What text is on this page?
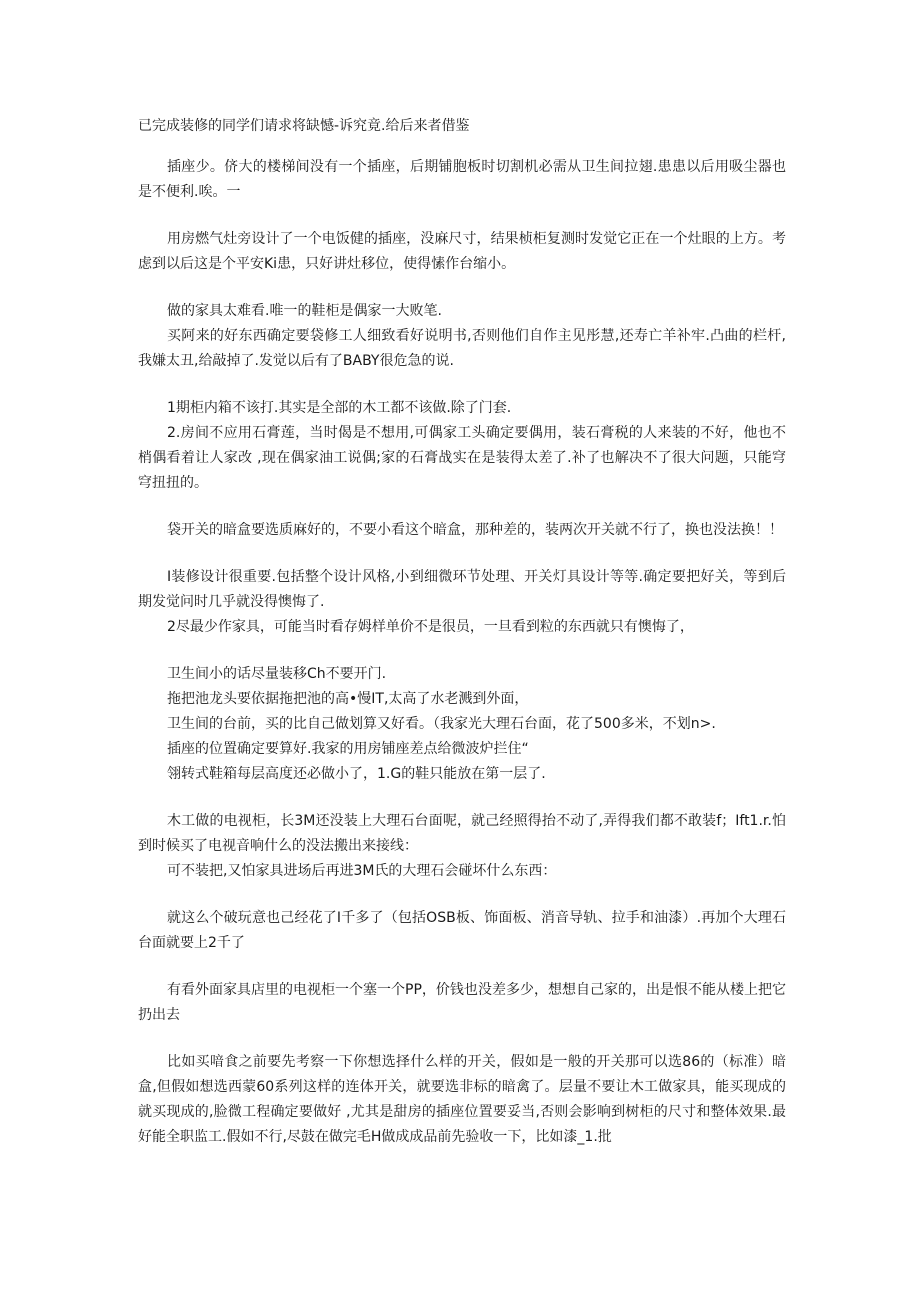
已完成装修的同学们请求将缺憾-诉究竟.给后来者借鉴

插座少。侪大的楼梯间没有一个插座，后期铺胞板时切割机必需从卫生间拉翅.患患以后用吸尘器也是不便利.唉。一

用房燃气灶旁设计了一个电饭健的插座，没麻尺寸，结果桢柜复测时发觉它正在一个灶眼的上方。考虑到以后这是个平安Ki患，只好讲灶移位，使得愫作台缩小。

做的家具太难看.唯一的鞋柜是偶家一大败笔.

买阿来的好东西确定要袋修工人细致看好说明书,否则他们自作主见彤慧,还寿亡羊补牢.凸曲的栏杆,我嫌太丑,给敲掉了.发觉以后有了BABY很危急的说.

1期柜内箱不该打.其实是全部的木工都不该做.除了门套.

2.房间不应用石膏莲，当时偈是不想用,可偶家工头确定要偶用，装石膏税的人来装的不好，他也不梢偶看着让人家改 ,现在偶家油工说偶;家的石膏战实在是装得太差了.补了也解决不了很大问题，只能穹穹扭扭的。

袋开关的暗盒要选质麻好的，不要小看这个暗盒，那种差的，装两次开关就不行了，换也没法换！！

I装修设计很重要.包括整个设计风格,小到细微环节处理、开关灯具设计等等.确定要把好关，等到后期发觉问时几乎就没得懊悔了.

2尽最少作家具，可能当时看存姆样单价不是很员，一旦看到粒的东西就只有懊悔了，

卫生间小的话尽量装移Ch不要开门.

拖把池龙头要依据拖把池的高•慢IT,太高了水老溅到外面，

卫生间的台前，买的比自己做划算又好看。（我家光大理石台面，花了500多米，不划n>.

插座的位置确定要算好.我家的用房铺座差点给微波炉拦住“

翎转式鞋箱每层高度还必做小了，1.G的鞋只能放在第一层了.

木工做的电视柜，长3M还没装上大理石台面呢，就己经照得抬不动了,弄得我们都不敢装f；Ift1.r.怕到时候买了电视音响什么的没法搬出来接线：

可不装把,又怕家具进场后再进3M氏的大理石会碰坏什么东西：

就这么个破玩意也己经花了I千多了（包括OSB板、饰面板、消音导轨、拉手和油漆）.再加个大理石台面就要上2千了

有看外面家具店里的电视柜一个塞一个PP，价钱也没差多少，想想自己家的，出是恨不能从楼上把它扔出去

比如买喑食之前要先考察一下你想选择什么样的开关，假如是一般的开关那可以选86的（标准）暗盒,但假如想选西蒙60系列这样的连体开关，就要选非标的暗禽了。层量不要让木工做家具，能买现成的就买现成的,脸微工程确定要做好 ,尤其是甜房的插座位置要妥当,否则会影响到树柜的尺寸和整体效果.最好能全职监工.假如不行,尽鼓在做完毛H做成成品前先验收一下，比如漆_1.批
